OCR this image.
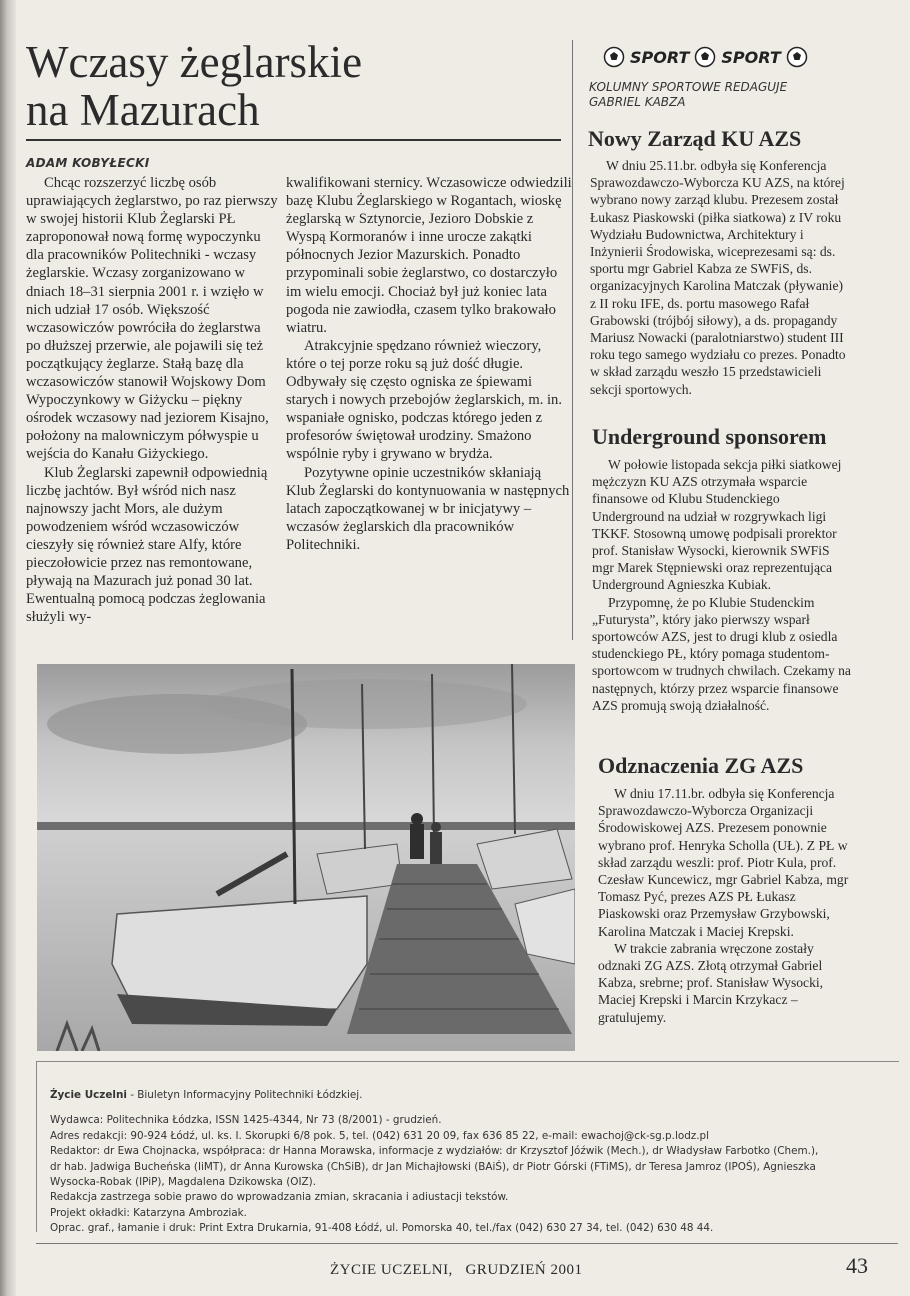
Wczasy żeglarskie
na Mazurach
ADAM KOBYŁECKI

Chcąc rozszerzyć liczbę osób uprawiających żeglarstwo, po raz pierwszy w swojej historii Klub Żeglarski PŁ zaproponował nową formę wypoczynku dla pracowników Politechniki - wczasy żeglarskie. Wczasy zorganizowano w dniach 18–31 sierpnia 2001 r. i wzięło w nich udział 17 osób. Większość wczasowiczów powróciła do żeglarstwa po dłuższej przerwie, ale pojawili się też początkujący żeglarze. Stałą bazę dla wczasowiczów stanowił Wojskowy Dom Wypoczynkowy w Giżycku – piękny ośrodek wczasowy nad jeziorem Kisajno, położony na malowniczym półwyspie u wejścia do Kanału Giżyckiego.

Klub Żeglarski zapewnił odpowiednią liczbę jachtów. Był wśród nich nasz najnowszy jacht Mors, ale dużym powodzeniem wśród wczasowiczów cieszyły się również stare Alfy, które pieczołowicie przez nas remontowane, pływają na Mazurach już ponad 30 lat. Ewentualną pomocą podczas żeglowania służyli wy-

kwalifikowani sternicy. Wczasowicze odwiedzili bazę Klubu Żeglarskiego w Rogantach, wioskę żeglarską w Sztynorcie, Jezioro Dobskie z Wyspą Kormoranów i inne urocze zakątki północnych Jezior Mazurskich. Ponadto przypominali sobie żeglarstwo, co dostarczyło im wielu emocji. Chociaż był już koniec lata pogoda nie zawiodła, czasem tylko brakowało wiatru.

Atrakcyjnie spędzano również wieczory, które o tej porze roku są już dość długie. Odbywały się często ogniska ze śpiewami starych i nowych przebojów żeglarskich, m. in. wspaniałe ognisko, podczas którego jeden z profesorów świętował urodziny. Smażono wspólnie ryby i grywano w brydża.

Pozytywne opinie uczestników skłaniają Klub Żeglarski do kontynuowania w następnych latach zapoczątkowanej w br inicjatywy – wczasów żeglarskich dla pracowników Politechniki.

SPORT SPORT
KOLUMNY SPORTOWE REDAGUJE
GABRIEL KABZA
Nowy Zarząd KU AZS

W dniu 25.11.br. odbyła się Konferencja Sprawozdawczo-Wyborcza KU AZS, na której wybrano nowy zarząd klubu. Prezesem został Łukasz Piaskowski (piłka siatkowa) z IV roku Wydziału Budownictwa, Architektury i Inżynierii Środowiska, wiceprezesami są: ds. sportu mgr Gabriel Kabza ze SWFiS, ds. organizacyjnych Karolina Matczak (pływanie) z II roku IFE, ds. portu masowego Rafał Grabowski (trójbój siłowy), a ds. propagandy Mariusz Nowacki (paralotniarstwo) student III roku tego samego wydziału co prezes. Ponadto w skład zarządu weszło 15 przedstawicieli sekcji sportowych.

Underground sponsorem

W połowie listopada sekcja piłki siatkowej mężczyzn KU AZS otrzymała wsparcie finansowe od Klubu Studenckiego Underground na udział w rozgrywkach ligi TKKF. Stosowną umowę podpisali prorektor prof. Stanisław Wysocki, kierownik SWFiS mgr Marek Stępniewski oraz reprezentująca Underground Agnieszka Kubiak.

Przypomnę, że po Klubie Studenckim „Futurysta”, który jako pierwszy wsparł sportowców AZS, jest to drugi klub z osiedla studenckiego PŁ, który pomaga studentom-sportowcom w trudnych chwilach. Czekamy na następnych, którzy przez wsparcie finansowe AZS promują swoją działalność.

Odznaczenia ZG AZS

W dniu 17.11.br. odbyła się Konferencja Sprawozdawczo-Wyborcza Organizacji Środowiskowej AZS. Prezesem ponownie wybrano prof. Henryka Scholla (UŁ). Z PŁ w skład zarządu weszli: prof. Piotr Kula, prof. Czesław Kuncewicz, mgr Gabriel Kabza, mgr Tomasz Pyć, prezes AZS PŁ Łukasz Piaskowski oraz Przemysław Grzybowski, Karolina Matczak i Maciej Krepski.

W trakcie zabrania wręczone zostały odznaki ZG AZS. Złotą otrzymał Gabriel Kabza, srebrne; prof. Stanisław Wysocki, Maciej Krepski i Marcin Krzykacz – gratulujemy.

Życie Uczelni - Biuletyn Informacyjny Politechniki Łódzkiej.
Wydawca: Politechnika Łódzka, ISSN 1425-4344, Nr 73 (8/2001) - grudzień.
Adres redakcji: 90-924 Łódź, ul. ks. I. Skorupki 6/8 pok. 5, tel. (042) 631 20 09, fax 636 85 22, e-mail: ewachoj@ck-sg.p.lodz.pl
Redaktor: dr Ewa Chojnacka, współpraca: dr Hanna Morawska, informacje z wydziałów: dr Krzysztof Jóźwik (Mech.), dr Władysław Farbotko (Chem.),
dr hab. Jadwiga Bucheńska (IiMT), dr Anna Kurowska (ChSiB), dr Jan Michajłowski (BAiŚ), dr Piotr Górski (FTiMS), dr Teresa Jamroz (IPOŚ), Agnieszka
Wysocka-Robak (IPiP), Magdalena Dzikowska (OIZ).
Redakcja zastrzega sobie prawo do wprowadzania zmian, skracania i adiustacji tekstów.
Projekt okładki: Katarzyna Ambroziak.
Oprac. graf., łamanie i druk: Print Extra Drukarnia, 91-408 Łódź, ul. Pomorska 40, tel./fax (042) 630 27 34, tel. (042) 630 48 44.
ŻYCIE UCZELNI,   GRUDZIEŃ 2001	43
